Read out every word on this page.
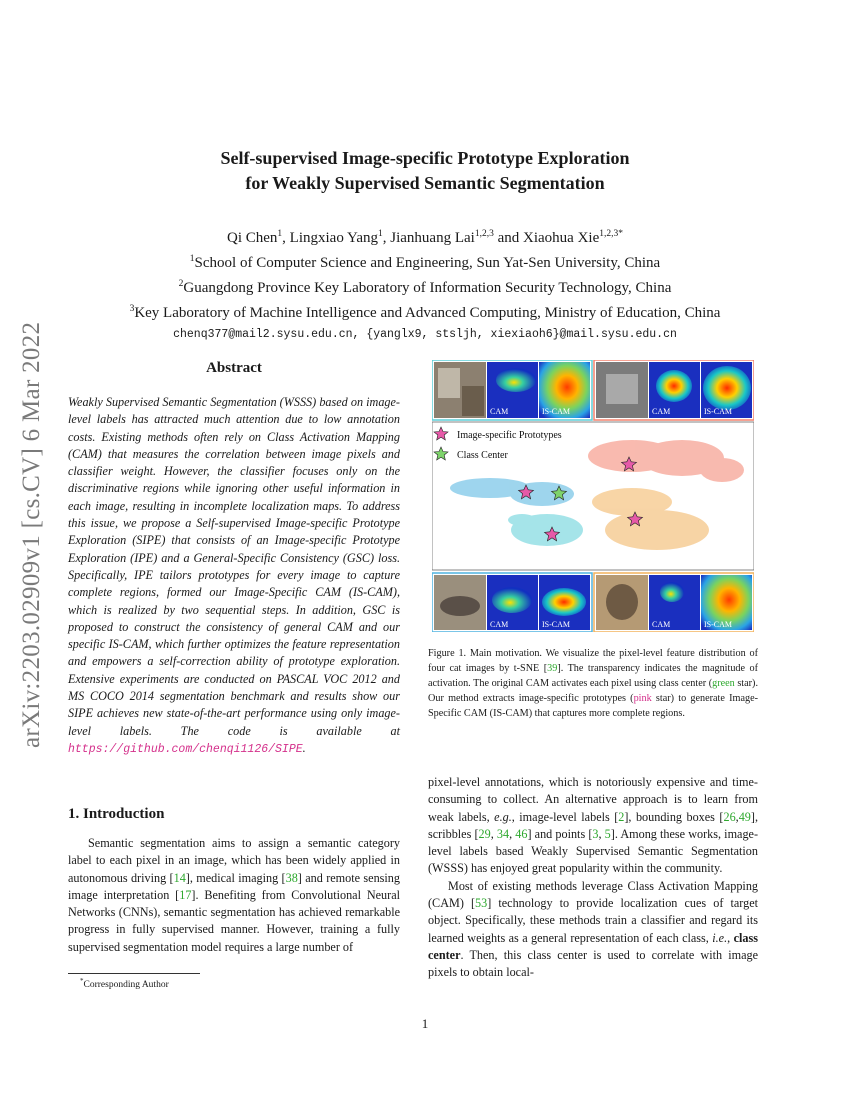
arXiv:2203.02909v1 [cs.CV] 6 Mar 2022
Self-supervised Image-specific Prototype Exploration
for Weakly Supervised Semantic Segmentation
Qi Chen$^1$, Lingxiao Yang$^1$, Jianhuang Lai$^{1,2,3}$ and Xiaohua Xie$^{1,2,3*}$
$^1$School of Computer Science and Engineering, Sun Yat-Sen University, China
$^2$Guangdong Province Key Laboratory of Information Security Technology, China
$^3$Key Laboratory of Machine Intelligence and Advanced Computing, Ministry of Education, China
chenq377@mail2.sysu.edu.cn, {yanglx9, stsljh, xiexiaoh6}@mail.sysu.edu.cn
Abstract
Weakly Supervised Semantic Segmentation (WSSS) based on image-level labels has attracted much attention due to low annotation costs. Existing methods often rely on Class Activation Mapping (CAM) that measures the correlation between image pixels and classifier weight. However, the classifier focuses only on the discriminative regions while ignoring other useful information in each image, resulting in incomplete localization maps. To address this issue, we propose a Self-supervised Image-specific Prototype Exploration (SIPE) that consists of an Image-specific Prototype Exploration (IPE) and a General-Specific Consistency (GSC) loss. Specifically, IPE tailors prototypes for every image to capture complete regions, formed our Image-Specific CAM (IS-CAM), which is realized by two sequential steps. In addition, GSC is proposed to construct the consistency of general CAM and our specific IS-CAM, which further optimizes the feature representation and empowers a self-correction ability of prototype exploration. Extensive experiments are conducted on PASCAL VOC 2012 and MS COCO 2014 segmentation benchmark and results show our SIPE achieves new state-of-the-art performance using only image-level labels. The code is available at https://github.com/chenqi1126/SIPE.
1. Introduction

Semantic segmentation aims to assign a semantic category label to each pixel in an image, which has been widely applied in autonomous driving [14], medical imaging [38] and remote sensing image interpretation [17]. Benefiting from Convolutional Neural Networks (CNNs), semantic segmentation has achieved remarkable progress in fully supervised manner. However, training a fully supervised segmentation model requires a large number of

*Corresponding Author
CAM	IS-CAM	CAM	IS-CAM
Image-specific Prototypes
Class Center
CAM	IS-CAM	CAM	IS-CAM
Figure 1. Main motivation. We visualize the pixel-level feature distribution of four cat images by t-SNE [39]. The transparency indicates the magnitude of activation. The original CAM activates each pixel using class center (green star). Our method extracts image-specific prototypes (pink star) to generate Image-Specific CAM (IS-CAM) that captures more complete regions.

pixel-level annotations, which is notoriously expensive and time-consuming to collect. An alternative approach is to learn from weak labels, e.g., image-level labels [2], bounding boxes [26,49], scribbles [29, 34, 46] and points [3, 5]. Among these works, image-level labels based Weakly Supervised Semantic Segmentation (WSSS) has enjoyed great popularity within the community.

Most of existing methods leverage Class Activation Mapping (CAM) [53] technology to provide localization cues of target object. Specifically, these methods train a classifier and regard its learned weights as a general representation of each class, i.e., class center. Then, this class center is used to correlate with image pixels to obtain local-

1
